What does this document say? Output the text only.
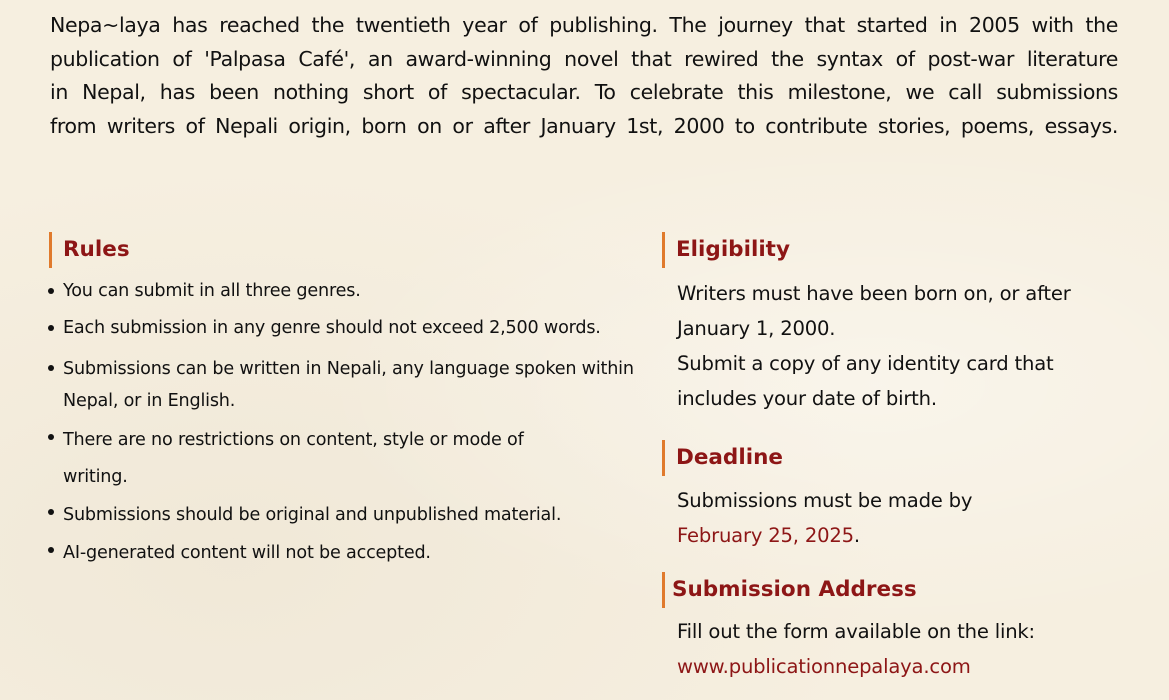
Nepa~laya has reached the twentieth year of publishing. The journey that started in 2005 with the
publication of 'Palpasa Café', an award-winning novel that rewired the syntax of post-war literature
in Nepal, has been nothing short of spectacular. To celebrate this milestone, we call submissions
from writers of Nepali origin, born on or after January 1st, 2000 to contribute stories, poems, essays.
Rules
You can submit in all three genres.
Each submission in any genre should not exceed 2,500 words.
Submissions can be written in Nepali, any language spoken within Nepal, or in English.
There are no restrictions on content, style or mode of writing.
Submissions should be original and unpublished material.
AI-generated content will not be accepted.
Eligibility
Writers must have been born on, or after January 1, 2000.
Submit a copy of any identity card that includes your date of birth.
Deadline
Submissions must be made by
February 25, 2025.
Submission Address
Fill out the form available on the link:
www.publicationnepalaya.com
